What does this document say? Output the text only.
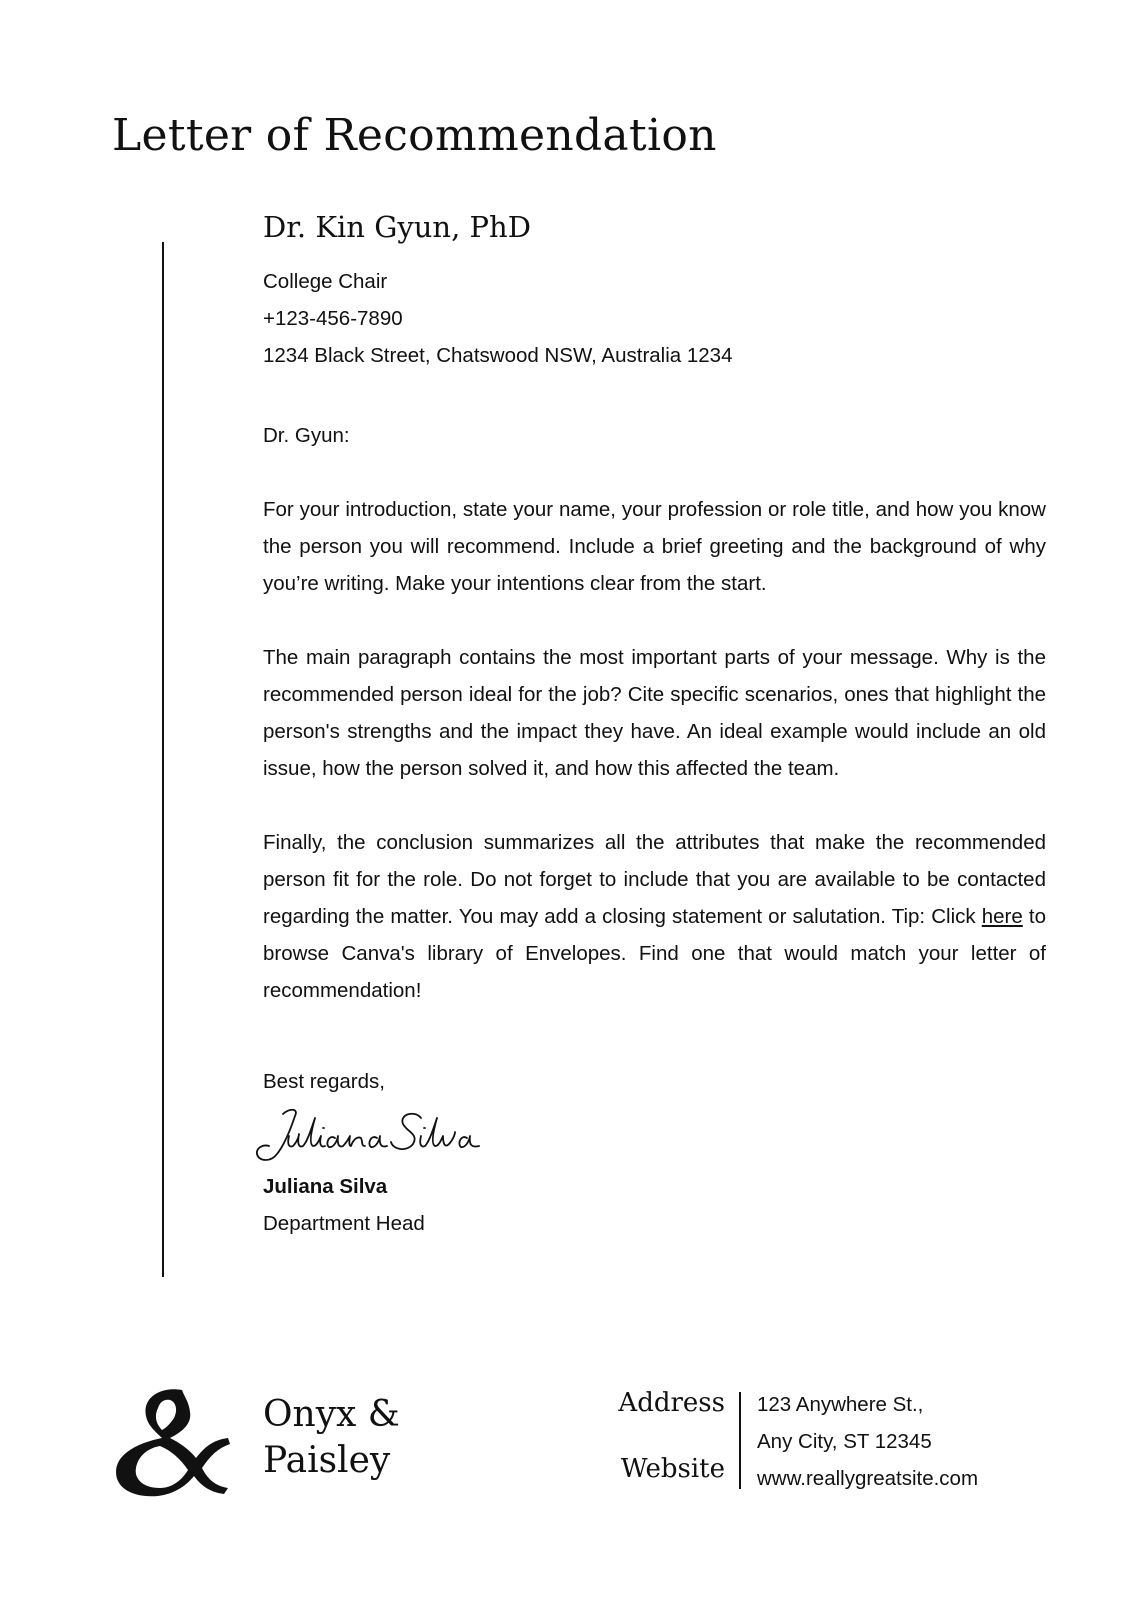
Letter of Recommendation
Dr. Kin Gyun, PhD
College Chair
+123-456-7890
1234 Black Street, Chatswood NSW, Australia 1234
Dr. Gyun:

For your introduction, state your name, your profession or role title, and how you know the person you will recommend. Include a brief greeting and the background of why you’re writing. Make your intentions clear from the start.

The main paragraph contains the most important parts of your message. Why is the recommended person ideal for the job? Cite specific scenarios, ones that highlight the person's strengths and the impact they have. An ideal example would include an old issue, how the person solved it, and how this affected the team.

Finally, the conclusion summarizes all the attributes that make the recommended person fit for the role. Do not forget to include that you are available to be contacted regarding the matter. You may add a closing statement or salutation. Tip: Click here to browse Canva's library of Envelopes. Find one that would match your letter of recommendation!

Best regards,
Juliana Silva
Department Head
Onyx &
Paisley
Address
Website
123 Anywhere St.,
Any City, ST 12345
www.reallygreatsite.com
